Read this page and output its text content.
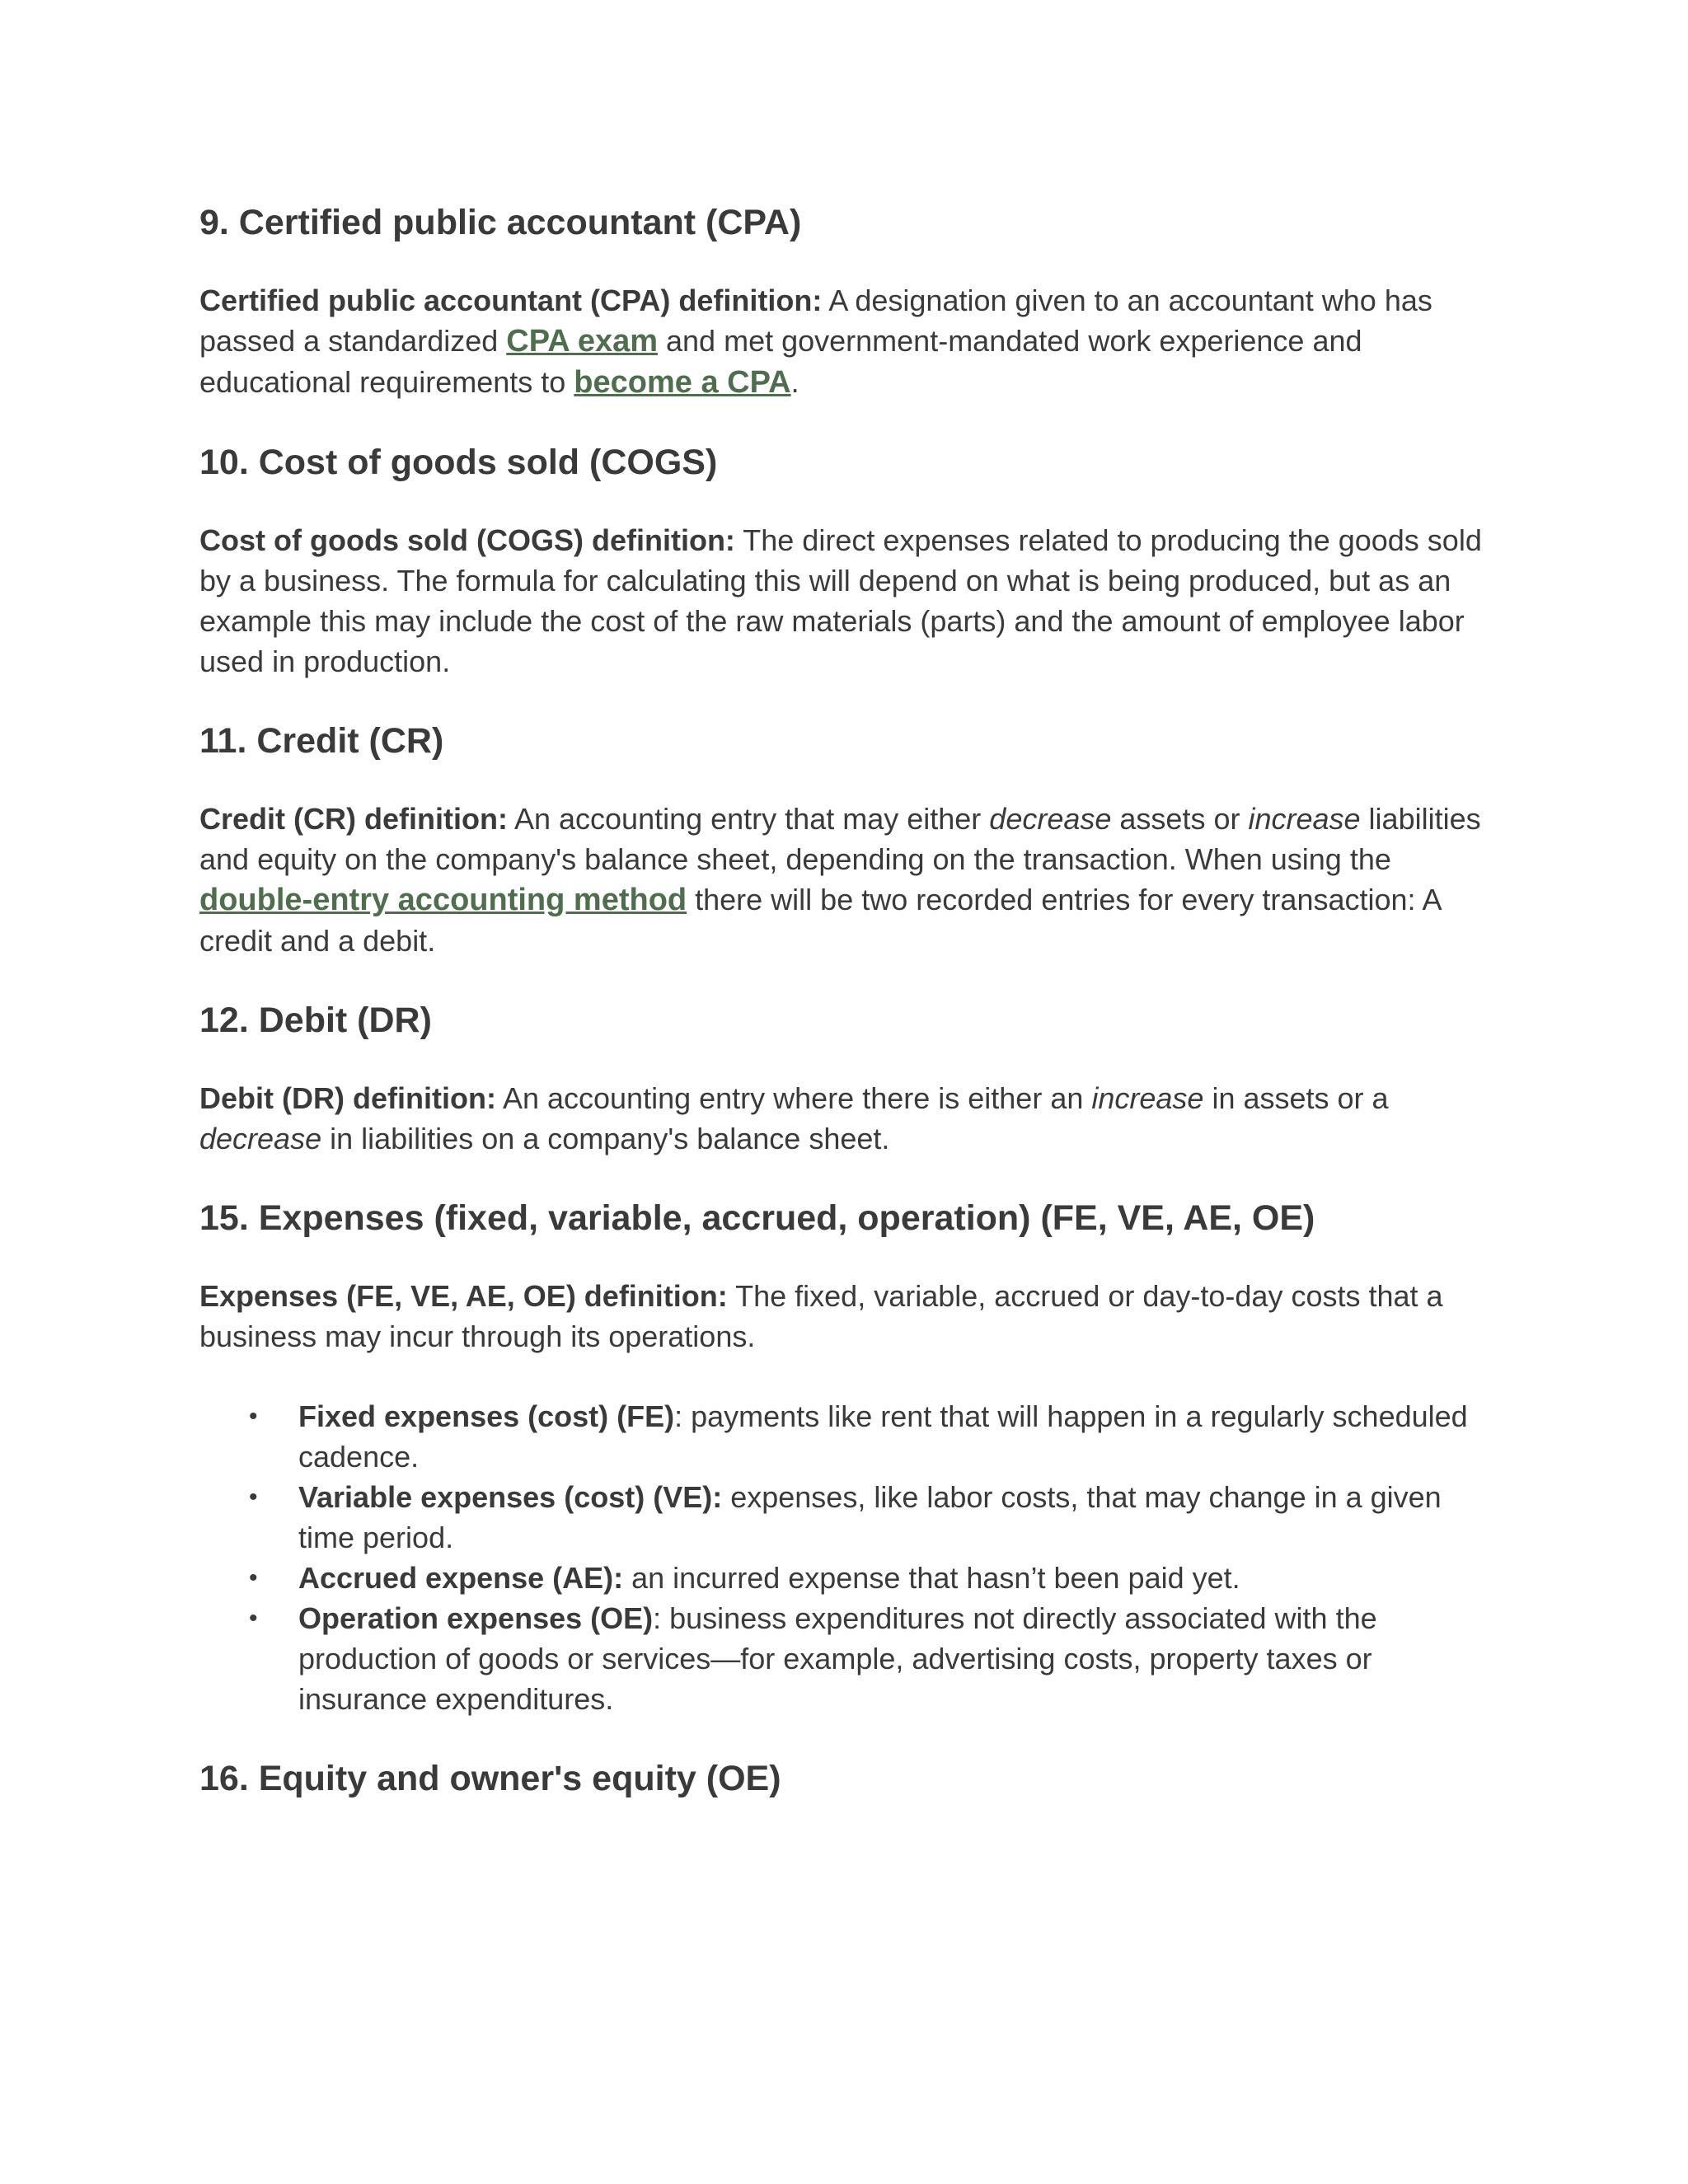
9. Certified public accountant (CPA)

Certified public accountant (CPA) definition: A designation given to an accountant who has passed a standardized CPA exam and met government-mandated work experience and educational requirements to become a CPA.

10. Cost of goods sold (COGS)

Cost of goods sold (COGS) definition: The direct expenses related to producing the goods sold by a business. The formula for calculating this will depend on what is being produced, but as an example this may include the cost of the raw materials (parts) and the amount of employee labor used in production.

11. Credit (CR)

Credit (CR) definition: An accounting entry that may either decrease assets or increase liabilities and equity on the company's balance sheet, depending on the transaction. When using the double-entry accounting method there will be two recorded entries for every transaction: A credit and a debit.

12. Debit (DR)

Debit (DR) definition: An accounting entry where there is either an increase in assets or a decrease in liabilities on a company's balance sheet.

15. Expenses (fixed, variable, accrued, operation) (FE, VE, AE, OE)

Expenses (FE, VE, AE, OE) definition: The fixed, variable, accrued or day-to-day costs that a business may incur through its operations.

• Fixed expenses (cost) (FE): payments like rent that will happen in a regularly scheduled cadence.
• Variable expenses (cost) (VE): expenses, like labor costs, that may change in a given time period.
• Accrued expense (AE): an incurred expense that hasn’t been paid yet.
• Operation expenses (OE): business expenditures not directly associated with the production of goods or services—for example, advertising costs, property taxes or insurance expenditures.
16. Equity and owner's equity (OE)
